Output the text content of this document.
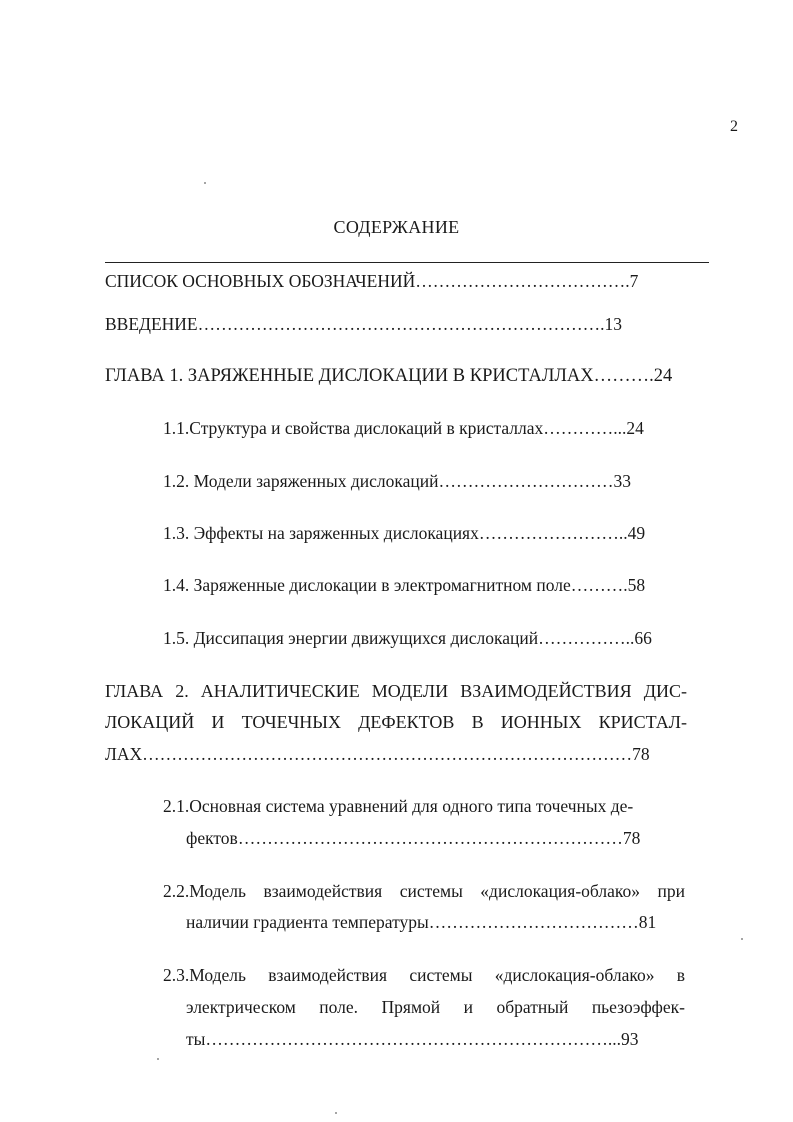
2
СОДЕРЖАНИЕ
СПИСОК ОСНОВНЫХ ОБОЗНАЧЕНИЙ……………………………….7
ВВЕДЕНИЕ…………………………………………………………….13
ГЛАВА 1. ЗАРЯЖЕННЫЕ ДИСЛОКАЦИИ В КРИСТАЛЛАХ……….24
1.1.Структура и свойства дислокаций в кристаллах…………...24
1.2. Модели заряженных дислокаций…………………………33
1.3. Эффекты на заряженных дислокациях……………………..49
1.4. Заряженные дислокации в электромагнитном поле……….58
1.5. Диссипация энергии движущихся дислокаций……………..66
ГЛАВА 2. АНАЛИТИЧЕСКИЕ МОДЕЛИ ВЗАИМОДЕЙСТВИЯ ДИС-
ЛОКАЦИЙ И ТОЧЕЧНЫХ ДЕФЕКТОВ В ИОННЫХ КРИСТАЛ-
ЛАХ…………………………………………………………………………78
2.1.Основная система уравнений для одного типа точечных де-
фектов…………………………………………………………78
2.2.Модель взаимодействия системы «дислокация-облако» при
наличии градиента температуры………………………………81
2.3.Модель взаимодействия системы «дислокация-облако» в
электрическом поле. Прямой и обратный пьезоэффек-
ты……………………………………………………………...93
